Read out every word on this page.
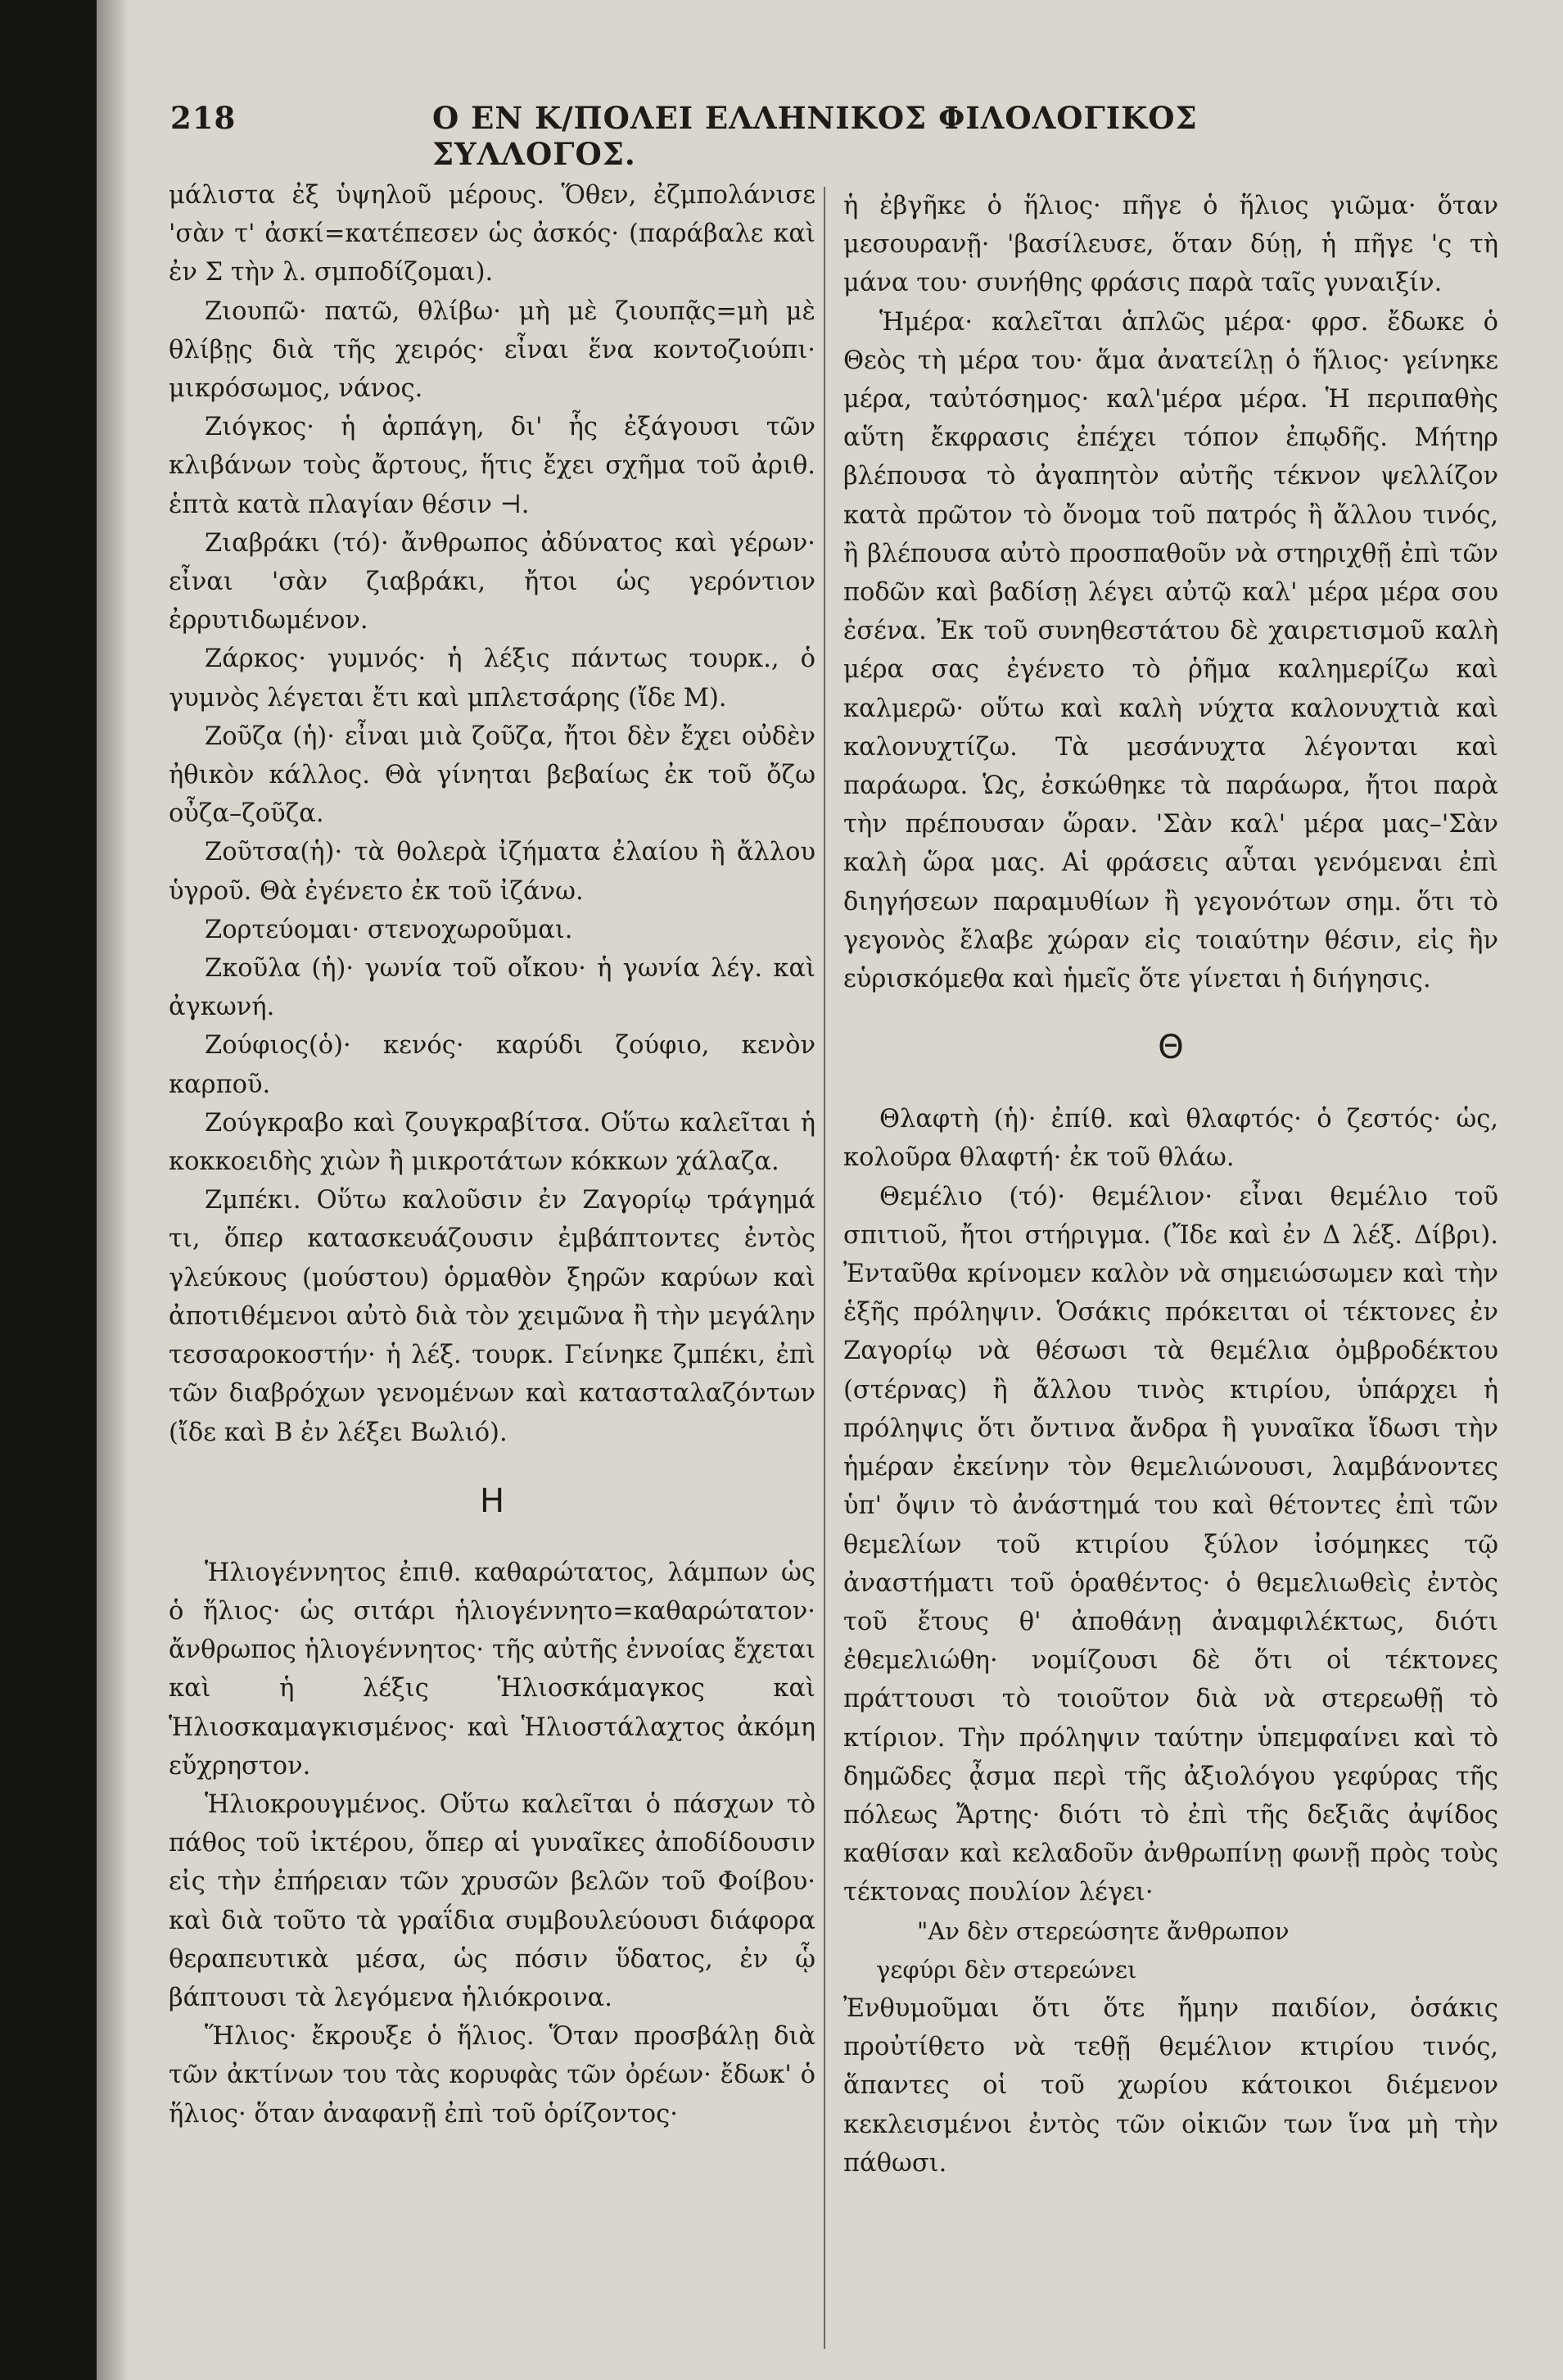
218	Ο ΕΝ Κ/ΠΟΛΕΙ ΕΛΛΗΝΙΚΟΣ ΦΙΛΟΛΟΓΙΚΟΣ ΣΥΛΛΟΓΟΣ.

μάλιστα ἐξ ὑψηλοῦ μέρους. Ὅθεν, ἐζμπολάνισε 'σὰν τ' ἀσκί=κατέπεσεν ὡς ἀσκός· (παράβαλε καὶ ἐν Σ τὴν λ. σμποδίζομαι).

Ζιουπῶ· πατῶ, θλίβω· μὴ μὲ ζιουπᾷς=μὴ μὲ θλίβῃς διὰ τῆς χειρός· εἶναι ἕνα κοντοζιούπι· μικρόσωμος, νάνος.

Ζιόγκος· ἡ ἁρπάγη, δι' ἧς ἐξάγουσι τῶν κλιβάνων τοὺς ἄρτους, ἥτις ἔχει σχῆμα τοῦ ἀριθ. ἑπτὰ κατὰ πλαγίαν θέσιν ⊣.

Ζιαβράκι (τό)· ἄνθρωπος ἀδύνατος καὶ γέρων· εἶναι 'σὰν ζιαβράκι, ἤτοι ὡς γερόντιον ἐρρυτιδωμένον.

Ζάρκος· γυμνός· ἡ λέξις πάντως τουρκ., ὁ γυμνὸς λέγεται ἔτι καὶ μπλετσάρης (ἴδε Μ).

Ζοῦζα (ἡ)· εἶναι μιὰ ζοῦζα, ἤτοι δὲν ἔχει οὐδὲν ἠθικὸν κάλλος. Θὰ γίνηται βεβαίως ἐκ τοῦ ὄζω οὖζα–ζοῦζα.

Ζοῦτσα(ἡ)· τὰ θολερὰ ἰζήματα ἐλαίου ἢ ἄλλου ὑγροῦ. Θὰ ἐγένετο ἐκ τοῦ ἰζάνω.

Ζορτεύομαι· στενοχωροῦμαι.

Ζκοῦλα (ἡ)· γωνία τοῦ οἴκου· ἡ γωνία λέγ. καὶ ἀγκωνή.

Ζούφιος(ὁ)· κενός· καρύδι ζούφιο, κενὸν καρποῦ.

Ζούγκραβο καὶ ζουγκραβίτσα. Οὕτω καλεῖται ἡ κοκκοειδὴς χιὼν ἢ μικροτάτων κόκκων χάλαζα.

Ζμπέκι. Οὕτω καλοῦσιν ἐν Ζαγορίῳ τράγημά τι, ὅπερ κατασκευάζουσιν ἐμβάπτοντες ἐντὸς γλεύκους (μούστου) ὁρμαθὸν ξηρῶν καρύων καὶ ἀποτιθέμενοι αὐτὸ διὰ τὸν χειμῶνα ἢ τὴν μεγάλην τεσσαροκοστήν· ἡ λέξ. τουρκ. Γείνηκε ζμπέκι, ἐπὶ τῶν διαβρόχων γενομένων καὶ κατασταλαζόντων (ἴδε καὶ Β ἐν λέξει Βωλιό).

Η

Ἡλιογέννητος ἐπιθ. καθαρώτατος, λάμπων ὡς ὁ ἥλιος· ὡς σιτάρι ἡλιογέννητο=καθαρώτατον· ἄνθρωπος ἡλιογέννητος· τῆς αὐτῆς ἐννοίας ἔχεται καὶ ἡ λέξις Ἡλιοσκάμαγκος καὶ Ἡλιοσκαμαγκισμένος· καὶ Ἡλιοστάλαχτος ἀκόμη εὔχρηστον.

Ἡλιοκρουγμένος. Οὕτω καλεῖται ὁ πάσχων τὸ πάθος τοῦ ἰκτέρου, ὅπερ αἱ γυναῖκες ἀποδίδουσιν εἰς τὴν ἐπήρειαν τῶν χρυσῶν βελῶν τοῦ Φοίβου· καὶ διὰ τοῦτο τὰ γραΐδια συμβουλεύουσι διάφορα θεραπευτικὰ μέσα, ὡς πόσιν ὕδατος, ἐν ᾧ βάπτουσι τὰ λεγόμενα ἡλιόκροινα.

Ἥλιος· ἔκρουξε ὁ ἥλιος. Ὅταν προσβάλῃ διὰ τῶν ἀκτίνων του τὰς κορυφὰς τῶν ὀρέων· ἔδωκ' ὁ ἥλιος· ὅταν ἀναφανῇ ἐπὶ τοῦ ὁρίζοντος·

ἡ ἐβγῆκε ὁ ἥλιος· πῆγε ὁ ἥλιος γιῶμα· ὅταν μεσουρανῇ· 'βασίλευσε, ὅταν δύῃ, ἡ πῆγε 'ς τὴ μάνα του· συνήθης φράσις παρὰ ταῖς γυναιξίν.

Ἡμέρα· καλεῖται ἁπλῶς μέρα· φρσ. ἔδωκε ὁ Θεὸς τὴ μέρα του· ἅμα ἀνατείλῃ ὁ ἥλιος· γείνηκε μέρα, ταὐτόσημος· καλ'μέρα μέρα. Ἡ περιπαθὴς αὕτη ἔκφρασις ἐπέχει τόπον ἐπῳδῆς. Μήτηρ βλέπουσα τὸ ἀγαπητὸν αὐτῆς τέκνον ψελλίζον κατὰ πρῶτον τὸ ὄνομα τοῦ πατρός ἢ ἄλλου τινός, ἢ βλέπουσα αὐτὸ προσπαθοῦν νὰ στηριχθῇ ἐπὶ τῶν ποδῶν καὶ βαδίσῃ λέγει αὐτῷ καλ' μέρα μέρα σου ἐσένα. Ἐκ τοῦ συνηθεστάτου δὲ χαιρετισμοῦ καλὴ μέρα σας ἐγένετο τὸ ῥῆμα καλημερίζω καὶ καλμερῶ· οὕτω καὶ καλὴ νύχτα καλονυχτιὰ καὶ καλονυχτίζω. Τὰ μεσάνυχτα λέγονται καὶ παράωρα. Ὡς, ἐσκώθηκε τὰ παράωρα, ἤτοι παρὰ τὴν πρέπουσαν ὥραν. 'Σὰν καλ' μέρα μας–'Σὰν καλὴ ὥρα μας. Αἱ φράσεις αὗται γενόμεναι ἐπὶ διηγήσεων παραμυθίων ἢ γεγονότων σημ. ὅτι τὸ γεγονὸς ἔλαβε χώραν εἰς τοιαύτην θέσιν, εἰς ἣν εὑρισκόμεθα καὶ ἡμεῖς ὅτε γίνεται ἡ διήγησις.

Θ

Θλαφτὴ (ἡ)· ἐπίθ. καὶ θλαφτός· ὁ ζεστός· ὡς, κολοῦρα θλαφτή· ἐκ τοῦ θλάω.

Θεμέλιο (τό)· θεμέλιον· εἶναι θεμέλιο τοῦ σπιτιοῦ, ἤτοι στήριγμα. (Ἴδε καὶ ἐν Δ λέξ. Δίβρι). Ἐνταῦθα κρίνομεν καλὸν νὰ σημειώσωμεν καὶ τὴν ἑξῆς πρόληψιν. Ὁσάκις πρόκειται οἱ τέκτονες ἐν Ζαγορίῳ νὰ θέσωσι τὰ θεμέλια ὀμβροδέκτου (στέρνας) ἢ ἄλλου τινὸς κτιρίου, ὑπάρχει ἡ πρόληψις ὅτι ὄντινα ἄνδρα ἢ γυναῖκα ἴδωσι τὴν ἡμέραν ἐκείνην τὸν θεμελιώνουσι, λαμβάνοντες ὑπ' ὄψιν τὸ ἀνάστημά του καὶ θέτοντες ἐπὶ τῶν θεμελίων τοῦ κτιρίου ξύλον ἰσόμηκες τῷ ἀναστήματι τοῦ ὁραθέντος· ὁ θεμελιωθεὶς ἐντὸς τοῦ ἔτους θ' ἀποθάνῃ ἀναμφιλέκτως, διότι ἐθεμελιώθη· νομίζουσι δὲ ὅτι οἱ τέκτονες πράττουσι τὸ τοιοῦτον διὰ νὰ στερεωθῇ τὸ κτίριον. Τὴν πρόληψιν ταύτην ὑπεμφαίνει καὶ τὸ δημῶδες ᾆσμα περὶ τῆς ἀξιολόγου γεφύρας τῆς πόλεως Ἄρτης· διότι τὸ ἐπὶ τῆς δεξιᾶς ἀψίδος καθίσαν καὶ κελαδοῦν ἀνθρωπίνῃ φωνῇ πρὸς τοὺς τέκτονας πουλίον λέγει·

"Αν δὲν στερεώσητε ἄνθρωπον

γεφύρι δὲν στερεώνει

Ἐνθυμοῦμαι ὅτι ὅτε ἤμην παιδίον, ὁσάκις προὐτίθετο νὰ τεθῇ θεμέλιον κτιρίου τινός, ἅπαντες οἱ τοῦ χωρίου κάτοικοι διέμενον κεκλεισμένοι ἐντὸς τῶν οἰκιῶν των ἵνα μὴ τὴν πάθωσι.
